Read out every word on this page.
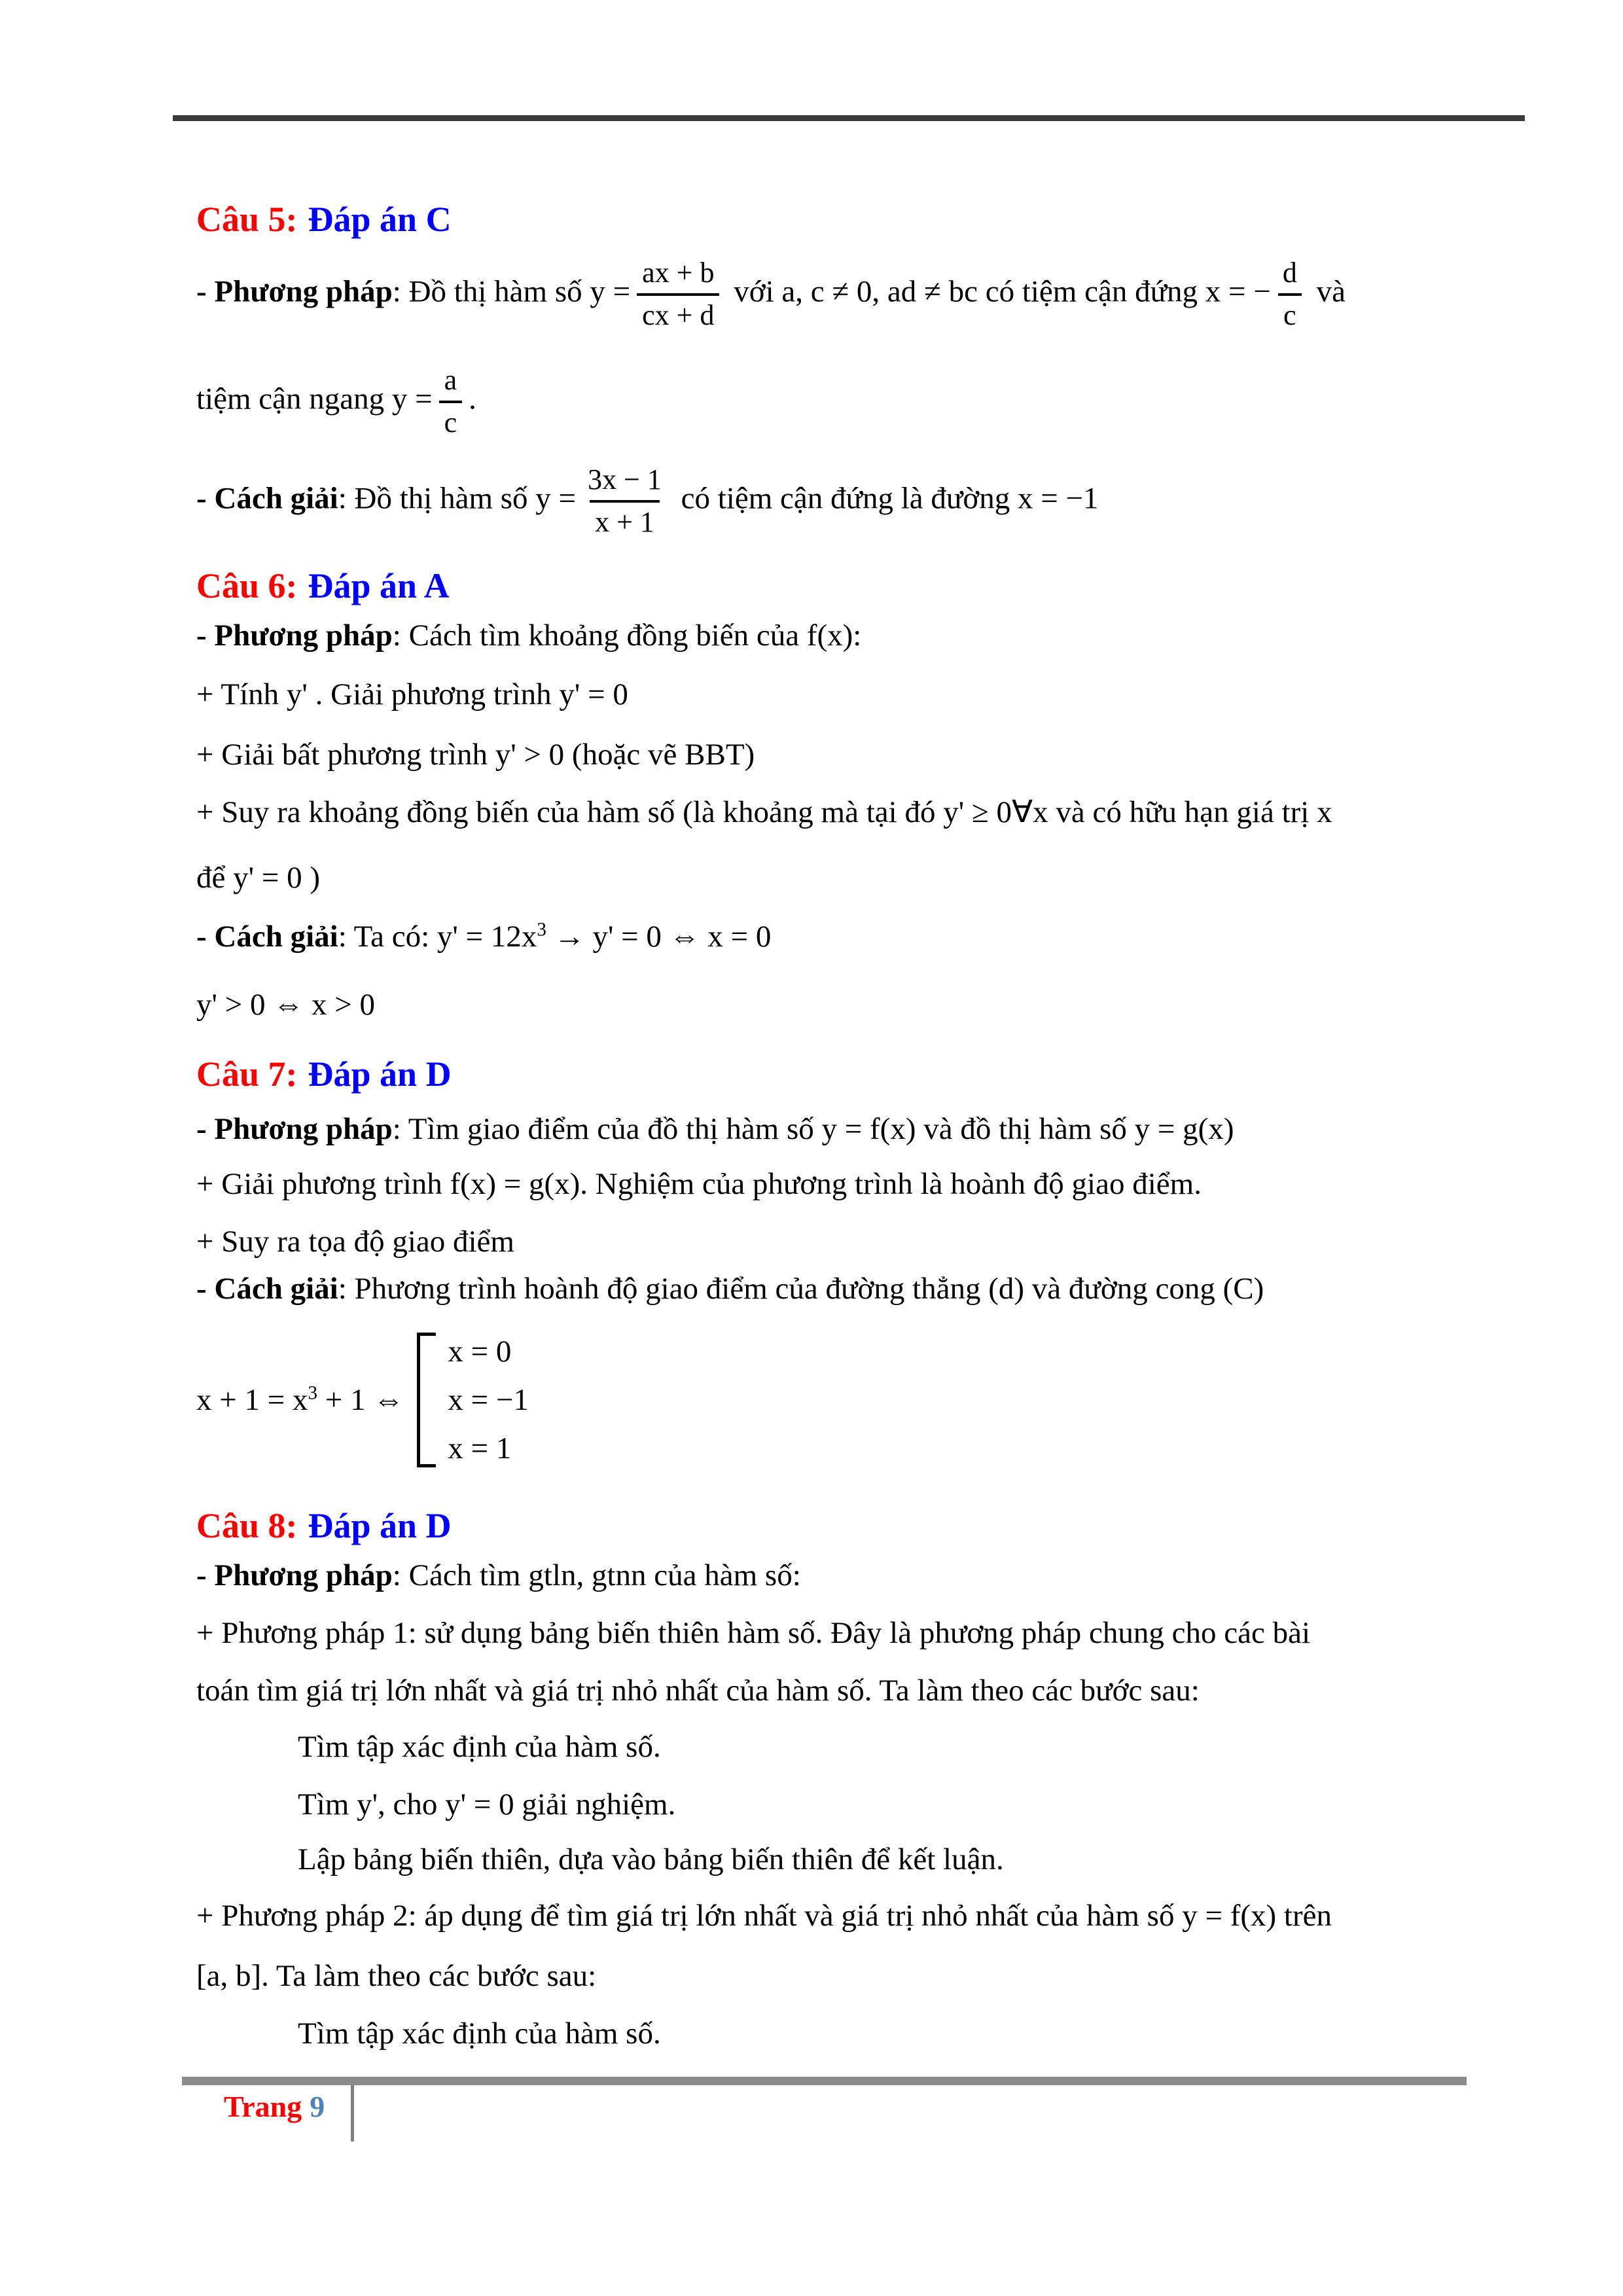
Câu 5: Đáp án C
- Phương pháp: Đồ thị hàm số $y = \frac{ax + b}{cx + d}$ với a, c ≠ 0, ad ≠ bc có tiệm cận đứng x = − $\frac{d}{c}$ và
tiệm cận ngang $y = \frac{a}{c}$ .
- Cách giải: Đồ thị hàm số $y = \frac{3x - 1}{x + 1}$ có tiệm cận đứng là đường x = −1
Câu 6: Đáp án A
- Phương pháp: Cách tìm khoảng đồng biến của f(x):
+ Tính y' . Giải phương trình y' = 0
+ Giải bất phương trình y' > 0 (hoặc vẽ BBT)
+ Suy ra khoảng đồng biến của hàm số (là khoảng mà tại đó y' ≥ 0∀x và có hữu hạn giá trị x
để y' = 0 )
- Cách giải: Ta có: $y' = 12x^3 \to y' = 0$ ⇔ x = 0
y' > 0 ⇔ x > 0
Câu 7: Đáp án D
- Phương pháp: Tìm giao điểm của đồ thị hàm số y = f(x) và đồ thị hàm số y = g(x)
+ Giải phương trình f(x) = g(x). Nghiệm của phương trình là hoành độ giao điểm.
+ Suy ra tọa độ giao điểm
- Cách giải: Phương trình hoành độ giao điểm của đường thẳng (d) và đường cong (C)
$x + 1 = x^3 + 1$ ⇔
x = 0
x = −1
x = 1
Câu 8: Đáp án D
- Phương pháp: Cách tìm gtln, gtnn của hàm số:
+ Phương pháp 1: sử dụng bảng biến thiên hàm số. Đây là phương pháp chung cho các bài
toán tìm giá trị lớn nhất và giá trị nhỏ nhất của hàm số. Ta làm theo các bước sau:
Tìm tập xác định của hàm số.
Tìm y', cho y' = 0 giải nghiệm.
Lập bảng biến thiên, dựa vào bảng biến thiên để kết luận.
+ Phương pháp 2: áp dụng để tìm giá trị lớn nhất và giá trị nhỏ nhất của hàm số y = f(x) trên
[a, b]. Ta làm theo các bước sau:
Tìm tập xác định của hàm số.
Trang 9
